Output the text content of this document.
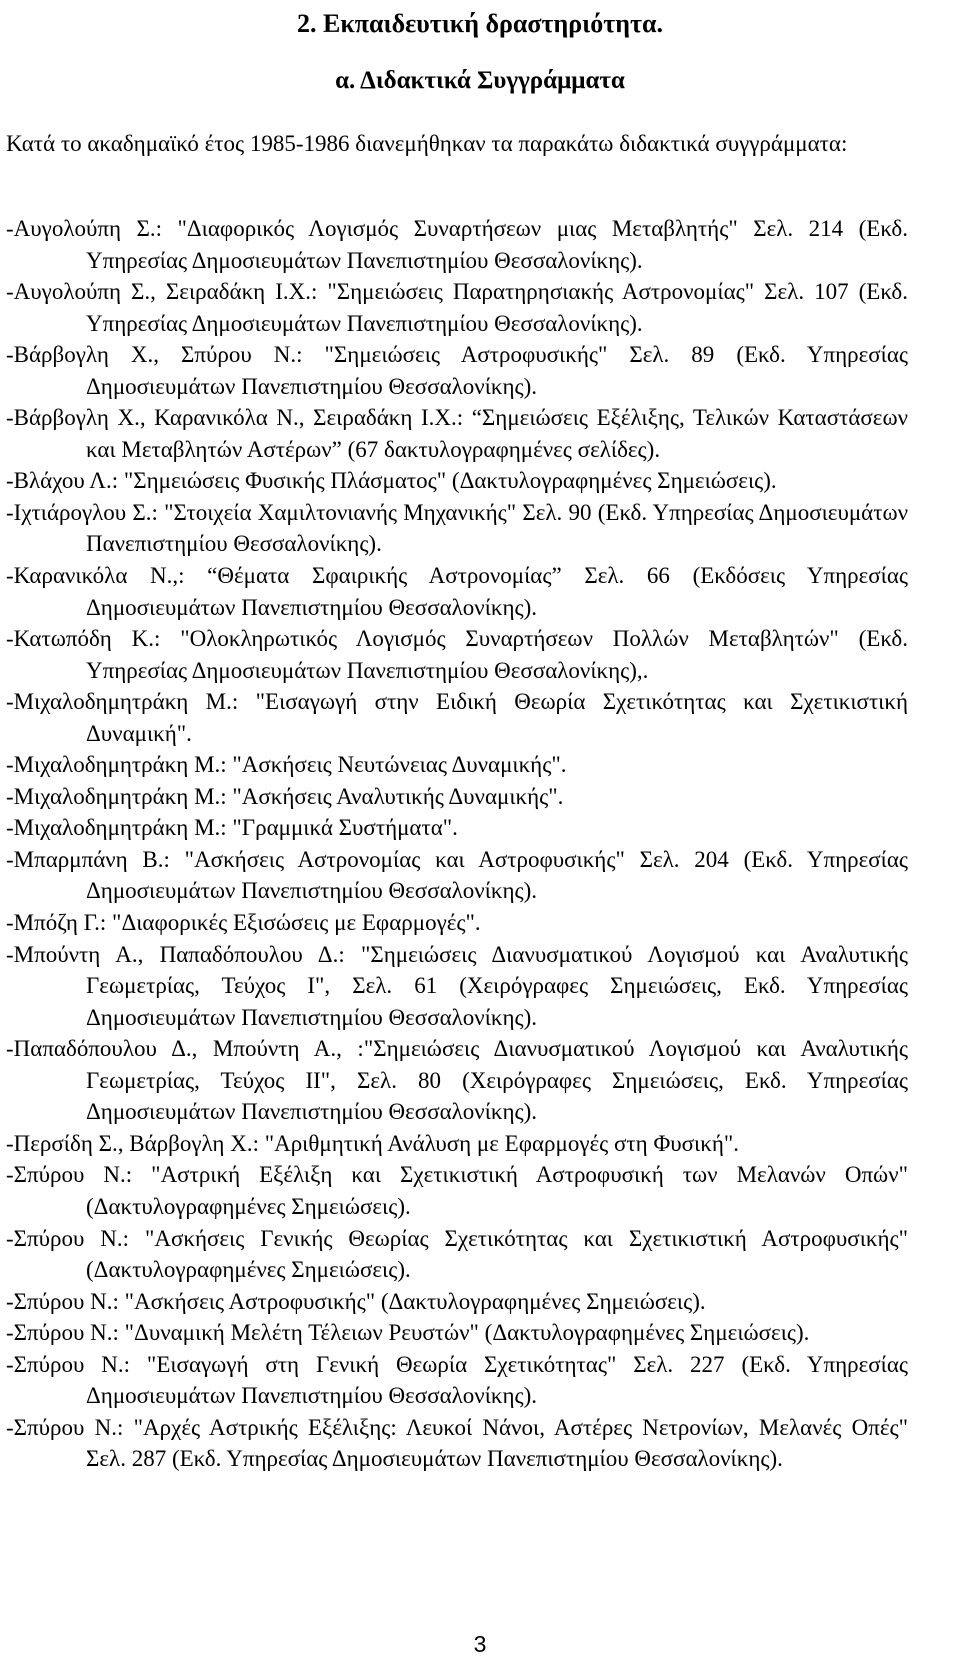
2. Εκπαιδευτική δραστηριότητα.
α. Διδακτικά Συγγράμματα

Κατά το ακαδημαϊκό έτος 1985-1986 διανεμήθηκαν τα παρακάτω διδακτικά συγγράμματα:

-Αυγολούπη Σ.: "Διαφορικός Λογισμός Συναρτήσεων μιας Μεταβλητής" Σελ. 214 (Εκδ. Υπηρεσίας Δημοσιευμάτων Πανεπιστημίου Θεσσαλονίκης).
-Αυγολούπη Σ., Σειραδάκη Ι.Χ.: "Σημειώσεις Παρατηρησιακής Αστρονομίας" Σελ. 107 (Εκδ. Υπηρεσίας Δημοσιευμάτων Πανεπιστημίου Θεσσαλονίκης).
-Βάρβογλη Χ., Σπύρου Ν.: "Σημειώσεις Αστροφυσικής" Σελ. 89 (Εκδ. Υπηρεσίας Δημοσιευμάτων Πανεπιστημίου Θεσσαλονίκης).
-Βάρβογλη Χ., Καρανικόλα Ν., Σειραδάκη Ι.Χ.: “Σημειώσεις Εξέλιξης, Τελικών Καταστάσεων και Μεταβλητών Αστέρων” (67 δακτυλογραφημένες σελίδες).
-Βλάχου Λ.: "Σημειώσεις Φυσικής Πλάσματος" (Δακτυλογραφημένες Σημειώσεις).
-Ιχτιάρογλου Σ.: "Στοιχεία Χαμιλτονιανής Μηχανικής" Σελ. 90 (Εκδ. Υπηρεσίας Δημοσιευμάτων Πανεπιστημίου Θεσσαλονίκης).
-Καρανικόλα Ν.,: “Θέματα Σφαιρικής Αστρονομίας” Σελ. 66 (Εκδόσεις Υπηρεσίας Δημοσιευμάτων Πανεπιστημίου Θεσσαλονίκης).
-Κατωπόδη Κ.: "Ολοκληρωτικός Λογισμός Συναρτήσεων Πολλών Μεταβλητών" (Εκδ. Υπηρεσίας Δημοσιευμάτων Πανεπιστημίου Θεσσαλονίκης),.
-Μιχαλοδημητράκη Μ.: "Εισαγωγή στην Ειδική Θεωρία Σχετικότητας και Σχετικιστική Δυναμική".
-Μιχαλοδημητράκη Μ.: "Ασκήσεις Νευτώνειας Δυναμικής".
-Μιχαλοδημητράκη Μ.: "Ασκήσεις Αναλυτικής Δυναμικής".
-Μιχαλοδημητράκη Μ.: "Γραμμικά Συστήματα".
-Μπαρμπάνη Β.: "Ασκήσεις Αστρονομίας και Αστροφυσικής" Σελ. 204 (Εκδ. Υπηρεσίας Δημοσιευμάτων Πανεπιστημίου Θεσσαλονίκης).
-Μπόζη Γ.: "Διαφορικές Εξισώσεις με Εφαρμογές".
-Μπούντη Α., Παπαδόπουλου Δ.: "Σημειώσεις Διανυσματικού Λογισμού και Αναλυτικής Γεωμετρίας, Τεύχος Ι", Σελ. 61 (Χειρόγραφες Σημειώσεις, Εκδ. Υπηρεσίας Δημοσιευμάτων Πανεπιστημίου Θεσσαλονίκης).
-Παπαδόπουλου Δ., Μπούντη Α., :"Σημειώσεις Διανυσματικού Λογισμού και Αναλυτικής Γεωμετρίας, Τεύχος ΙΙ", Σελ. 80 (Χειρόγραφες Σημειώσεις, Εκδ. Υπηρεσίας Δημοσιευμάτων Πανεπιστημίου Θεσσαλονίκης).
-Περσίδη Σ., Βάρβογλη Χ.: "Αριθμητική Ανάλυση με Εφαρμογές στη Φυσική".
-Σπύρου Ν.: "Αστρική Εξέλιξη και Σχετικιστική Αστροφυσική των Μελανών Οπών" (Δακτυλογραφημένες Σημειώσεις).
-Σπύρου Ν.: "Ασκήσεις Γενικής Θεωρίας Σχετικότητας και Σχετικιστική Αστροφυσικής" (Δακτυλογραφημένες Σημειώσεις).
-Σπύρου Ν.: "Ασκήσεις Αστροφυσικής" (Δακτυλογραφημένες Σημειώσεις).
-Σπύρου Ν.: "Δυναμική Μελέτη Τέλειων Ρευστών" (Δακτυλογραφημένες Σημειώσεις).
-Σπύρου Ν.: "Εισαγωγή στη Γενική Θεωρία Σχετικότητας" Σελ. 227 (Εκδ. Υπηρεσίας Δημοσιευμάτων Πανεπιστημίου Θεσσαλονίκης).
-Σπύρου Ν.: "Αρχές Αστρικής Εξέλιξης: Λευκοί Νάνοι, Αστέρες Νετρονίων, Μελανές Οπές" Σελ. 287 (Εκδ. Υπηρεσίας Δημοσιευμάτων Πανεπιστημίου Θεσσαλονίκης).
3
